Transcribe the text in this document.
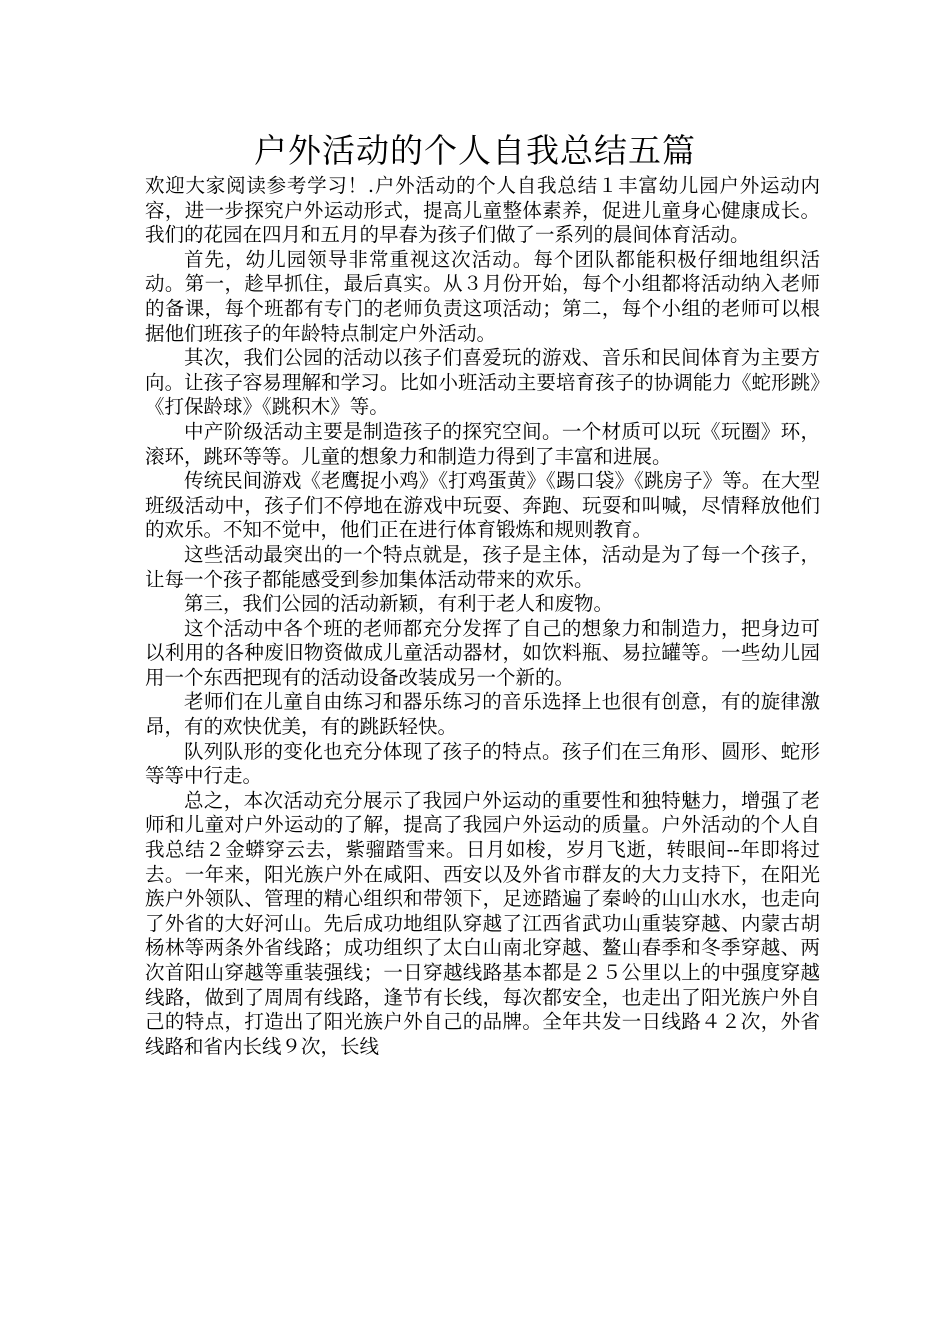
户外活动的个人自我总结五篇

欢迎大家阅读参考学习！.户外活动的个人自我总结１丰富幼儿园户外运动内容，进一步探究户外运动形式，提高儿童整体素养，促进儿童身心健康成长。我们的花园在四月和五月的早春为孩子们做了一系列的晨间体育活动。

首先，幼儿园领导非常重视这次活动。每个团队都能积极仔细地组织活动。第一，趁早抓住，最后真实。从３月份开始，每个小组都将活动纳入老师的备课，每个班都有专门的老师负责这项活动；第二，每个小组的老师可以根据他们班孩子的年龄特点制定户外活动。

其次，我们公园的活动以孩子们喜爱玩的游戏、音乐和民间体育为主要方向。让孩子容易理解和学习。比如小班活动主要培育孩子的协调能力《蛇形跳》《打保龄球》《跳积木》等。

中产阶级活动主要是制造孩子的探究空间。一个材质可以玩《玩圈》环，滚环，跳环等等。儿童的想象力和制造力得到了丰富和进展。

传统民间游戏《老鹰捉小鸡》《打鸡蛋黄》《踢口袋》《跳房子》等。在大型班级活动中，孩子们不停地在游戏中玩耍、奔跑、玩耍和叫喊，尽情释放他们的欢乐。不知不觉中，他们正在进行体育锻炼和规则教育。

这些活动最突出的一个特点就是，孩子是主体，活动是为了每一个孩子，让每一个孩子都能感受到参加集体活动带来的欢乐。

第三，我们公园的活动新颖，有利于老人和废物。

这个活动中各个班的老师都充分发挥了自己的想象力和制造力，把身边可以利用的各种废旧物资做成儿童活动器材，如饮料瓶、易拉罐等。一些幼儿园用一个东西把现有的活动设备改装成另一个新的。

老师们在儿童自由练习和器乐练习的音乐选择上也很有创意，有的旋律激昂，有的欢快优美，有的跳跃轻快。

队列队形的变化也充分体现了孩子的特点。孩子们在三角形、圆形、蛇形等等中行走。

总之，本次活动充分展示了我园户外运动的重要性和独特魅力，增强了老师和儿童对户外运动的了解，提高了我园户外运动的质量。户外活动的个人自我总结２金蟒穿云去，紫骝踏雪来。日月如梭，岁月飞逝，转眼间--年即将过去。一年来，阳光族户外在咸阳、西安以及外省市群友的大力支持下，在阳光族户外领队、管理的精心组织和带领下，足迹踏遍了秦岭的山山水水，也走向了外省的大好河山。先后成功地组队穿越了江西省武功山重装穿越、内蒙古胡杨林等两条外省线路；成功组织了太白山南北穿越、鳌山春季和冬季穿越、两次首阳山穿越等重装强线；一日穿越线路基本都是２５公里以上的中强度穿越线路，做到了周周有线路，逢节有长线，每次都安全，也走出了阳光族户外自己的特点，打造出了阳光族户外自己的品牌。全年共发一日线路４２次，外省线路和省内长线９次，长线
